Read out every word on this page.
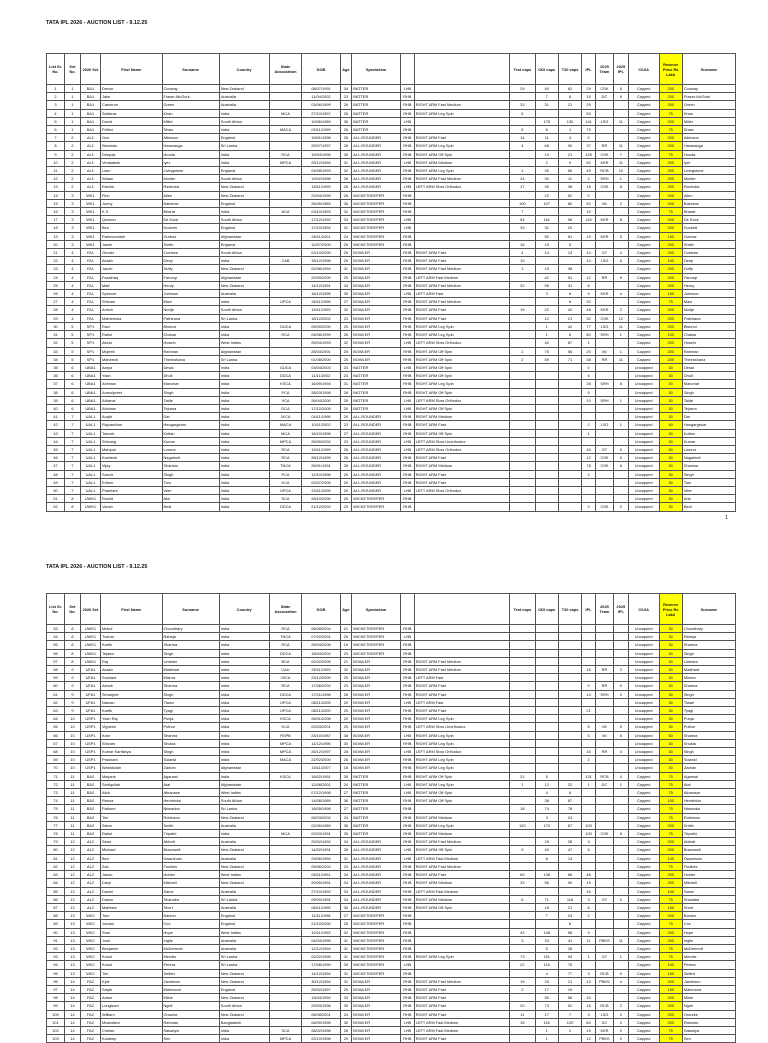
TATA IPL 2026 - AUCTION LIST - 9.12.25
List Sr. No.	Set No.	2026 Set	First Name	Surname	Country	State Association	DOB	Age	Specialism			Test caps	ODI caps	T20 caps	IPL	2025 Team	2025 IPL	C/U/A	Reserve Price Rs Lakh	Surname
1	1	BA1	Devon	Conway	New Zealand		08/07/1991	34	BATTER	LHB		29	40	62	29	CSK	6	Capped	200	Conway
2	1	BA1	Jake	Fraser-McGurk	Australia		11/04/2002	23	BATTER	RHB			7	8	15	DC	6	Capped	200	Fraser-McGurk
3	1	BA1	Cameron	Green	Australia		03/06/1999	26	BATTER	RHB	RIGHT ARM Fast Medium	33	31	21	29			Capped	200	Green
4	1	BA1	Sarfaraz	Khan	India	MCA	27/10/1997	28	BATTER	RHB	RIGHT ARM Leg Spin	6			50			Capped	75	Khan
5	1	BA1	David	Miller	South Africa		10/06/1989	36	BATTER	LHB			178	130	141	LSG	11	Capped	200	Miller
6	1	BA1	Prithvi	Shaw	India	MACA	09/11/1999	26	BATTER	RHB		5	6	1	79			Capped	75	Shaw
7	2	AL1	Gus	Atkinson	England		19/01/1998	28	ALL-ROUNDER	RHB	RIGHT ARM Fast	14	11	4	0			Capped	200	Atkinson
8	2	AL1	Wanindu	Hasaranga	Sri Lanka		29/07/1997	28	ALL-ROUNDER	RHB	RIGHT ARM Leg Spin	4	68	90	37	RR	11	Capped	200	Hasaranga
9	2	AL1	Deepak	Hooda	India	RCA	19/04/1995	30	ALL-ROUNDER	RHB	RIGHT ARM Off Spin		10	21	125	CSK	7	Capped	75	Hooda
10	2	AL1	Venkatesh	Iyer	India	MPCA	25/12/1994	31	ALL-ROUNDER	LHB	RIGHT ARM Medium		2	9	62	KKR	11	Capped	200	Iyer
11	2	AL1	Liam	Livingstone	England		04/08/1993	32	ALL-ROUNDER	RHB	RIGHT ARM Leg Spin	1	39	60	49	RCB	10	Capped	200	Livingstone
12	2	AL1	Wiaan	Mulder	South Africa		19/02/1998	28	ALL-ROUNDER	RHB	RIGHT ARM Fast Medium	24	30	11	2	SRH	1	Capped	200	Mulder
13	2	AL1	Rachin	Ravindra	New Zealand		18/11/1999	26	ALL-ROUNDER	LHB	LEFT ARM Slow Orthodox	17	39	38	18	CSK	8	Capped	200	Ravindra
14	3	WK1	Finn	Allen	New Zealand		22/04/1999	26	WICKETKEEPER	RHB			22	52	0			Capped	200	Allen
15	3	WK1	Jonny	Bairstow	England		26/09/1989	36	WICKETKEEPER	RHB		100	107	80	52	MI	2	Capped	200	Bairstow
16	3	WK1	K.S	Bharat	India	ACA	03/10/1993	32	WICKETKEEPER	RHB		7			10			Capped	75	Bharat
17	3	WK1	Quinton	De Kock	South Africa		17/12/1992	33	WICKETKEEPER	LHB		54	161	96	115	KKR	8	Capped	200	De Kock
18	3	WK1	Ben	Duckett	England		17/10/1994	31	WICKETKEEPER	LHB		39	31	20				Capped	200	Duckett
19	3	WK1	Rahmanullah	Gurbaz	Afghanistan		28/11/2001	24	WICKETKEEPER	RHB			50	81	19	KKR	5	Capped	150	Gurbaz
20	3	WK1	Jamie	Smith	England		12/07/2000	25	WICKETKEEPER	RHB		16	19	5				Capped	200	Smith
21	4	FA1	Gerald	Coetzee	South Africa		02/10/2000	25	BOWLER	RHB	RIGHT ARM Fast	4	14	13	14	GT	4	Capped	200	Coetzee
22	4	FA1	Akash	Deep	India	CAB	15/12/1996	29	BOWLER	RHB	RIGHT ARM Fast	10			14	LSG	6	Capped	100	Deep
23	4	FA1	Jacob	Duffy	New Zealand		02/08/1994	31	BOWLER	RHB	RIGHT ARM Fast Medium	1	19	38				Capped	200	Duffy
24	4	FA1	Fazalhaq	Farooqi	Afghanistan		22/09/2000	25	BOWLER	RHB	LEFT ARM Fast Medium		42	51	12	RR	5	Capped	200	Farooqi
25	4	FA1	Matt	Henry	New Zealand		14/12/1991	34	BOWLER	RHB	RIGHT ARM Fast Medium	32	95	31	6			Capped	200	Henry
26	4	FA1	Spencer	Johnson	Australia		16/12/1995	30	BOWLER	LHB	LEFT ARM Fast		3	8	9	KKR	4	Capped	150	Johnson
27	4	FA1	Shivam	Mavi	India	UPCA	26/11/1998	27	BOWLER	RHB	RIGHT ARM Fast Medium			6	32			Capped	75	Mavi
28	4	FA1	Anrich	Nortje	South Africa		16/11/1993	32	BOWLER	RHB	RIGHT ARM Fast	19	22	42	48	KKR	2	Capped	200	Nortje
29	4	FA1	Matheesha	Pathirana	Sri Lanka		18/12/2002	23	BOWLER	RHB	RIGHT ARM Fast		12	21	32	CSK	12	Capped	200	Pathirana
30	5	SP1	Ravi	Bishnoi	India	GUCA	05/09/2000	25	BOWLER	RHB	RIGHT ARM Leg Spin		1	42	77	LSG	11	Capped	200	Bishnoi
31	5	SP1	Rahul	Chahar	India	RCA	04/08/1999	26	BOWLER	RHB	RIGHT ARM Leg Spin		1	6	80	SRH	1	Capped	100	Chahar
32	5	SP1	Akeal	Hosein	West Indies		25/04/1993	32	BOWLER	LHB	LEFT ARM Slow Orthodox		40	87	1			Capped	200	Hosein
33	5	SP1	Mujeeb	Rahman	Afghanistan		28/03/2001	25	BOWLER	RHB	RIGHT ARM Off Spin	1	75	58	20	MI	1	Capped	200	Rahman
34	5	SP1	Maheesh	Theekshana	Sri Lanka		01/08/2000	25	BOWLER	RHB	RIGHT ARM Off Spin	2	59	71	38	RR	11	Capped	200	Theekshana
35	6	UBA1	Aarya	Desai	India	GUCA	03/04/2003	23	BATTER	LHB	RIGHT ARM Off Spin				0			Uncapped	30	Desai
36	6	UBA1	Yash	Dhull	India	DDCA	11/11/2002	23	BATTER	RHB	RIGHT ARM Off Spin				4			Uncapped	30	Dhull
37	6	UBA1	Abhinav	Manohar	India	KSCA	16/09/1994	31	BATTER	RHB	RIGHT ARM Leg Spin				26	SRH	8	Uncapped	30	Manohar
38	6	UBA1	Anmolpreet	Singh	India	PCA	28/03/1998	28	BATTER	RHB	RIGHT ARM Off Spin				9			Uncapped	30	Singh
39	6	UBA1	Atharva	Taide	India	VCA	26/04/2000	25	BATTER	LHB	LEFT ARM Slow Orthodox				10	SRH	1	Uncapped	30	Taide
40	6	UBA1	Abhinav	Tejrana	India	GCA	17/12/2005	20	BATTER	LHB	RIGHT ARM Off Spin							Uncapped	30	Tejrana
41	7	UAL1	Auqib	Dar	India	JKCA	04/11/1996	29	ALL-ROUNDER	RHB	RIGHT ARM Medium							Uncapped	30	Dar
42	7	UAL1	Rajvardhan	Hangargekar	India	MACA	10/11/2002	23	ALL-ROUNDER	RHB	RIGHT ARM Fast				2	LSG	1	Uncapped	40	Hangargekar
43	7	UAL1	Tanush	Kotian	India	MCA	16/10/1998	27	ALL-ROUNDER	RHB	RIGHT ARM Off Spin				1			Uncapped	30	Kotian
44	7	UAL1	Shivang	Kumar	India	MPCA	26/05/2002	23	ALL-ROUNDER	LHB	LEFT ARM Slow Unorthodox							Uncapped	30	Kumar
45	7	UAL1	Mahipal	Lomror	India	RCA	16/11/1999	26	ALL-ROUNDER	LHB	LEFT ARM Slow Orthodox				40	GT	0	Uncapped	50	Lomror
46	7	UAL1	Kamlesh	Nagarkoti	India	RCA	28/12/1999	26	ALL-ROUNDER	RHB	RIGHT ARM Fast				12	CSK	0	Uncapped	30	Nagarkoti
47	7	UAL1	Vijay	Shankar	India	TNCA	26/01/1991	35	ALL-ROUNDER	RHB	RIGHT ARM Medium				78	CSK	6	Uncapped	30	Shankar
48	7	UAL1	Sanvir	Singh	India	PCA	12/10/1996	29	ALL-ROUNDER	RHB	RIGHT ARM Fast				2			Uncapped	30	Singh
49	7	UAL1	Edhen	Tom	India	KCA	02/07/2005	20	ALL-ROUNDER	RHB	RIGHT ARM Fast							Uncapped	30	Tom
50	7	UAL1	Prashant	Veer	India	UPCA	24/11/2005	20	ALL-ROUNDER	LHB	LEFT ARM Slow Orthodox							Uncapped	30	Veer
51	8	UWK1	Ruchit	Ahir	India	SCA	28/10/2000	25	WICKETKEEPER	RHB								Uncapped	30	Ahir
52	8	UWK1	Vansh	Bedi	India	DDCA	21/12/2002	23	WICKETKEEPER	RHB					0	CSK	0	Uncapped	30	Bedi
1
TATA IPL 2026 - AUCTION LIST - 9.12.25
List Sr. No.	Set No.	2026 Set	First Name	Surname	Country	State Association	DOB	Age	Specialism			Test caps	ODI caps	T20 caps	IPL	2025 Team	2025 IPL	C/U/A	Reserve Price Rs Lakh	Surname
53	8	UWK1	Mukul	Choudhary	India	RCA	06/08/2004	21	WICKETKEEPER	RHB								Uncapped	30	Choudhary
54	8	UWK1	Tushar	Raheja	India	TNCA	07/02/2001	25	WICKETKEEPER	LHB								Uncapped	30	Raheja
55	8	UWK1	Kartik	Sharma	India	RCA	26/04/2006	19	WICKETKEEPER	RHB								Uncapped	30	Sharma
56	8	UWK1	Tejasvi	Singh	India	DDCA	18/04/2002	23	WICKETKEEPER	RHB								Uncapped	30	Singh
57	8	UWK1	Raj	Limbani	India	BCA	02/02/2005	21	BOWLER	RHB	RIGHT ARM Fast Medium							Uncapped	30	Limbani
58	9	UFA1	Akash	Madhwal	India	CAU	25/11/1993	32	BOWLER	RHB	RIGHT ARM Fast Medium				15	RR	3	Uncapped	30	Madhwal
59	9	UFA1	Sushant	Mishra	India	JSCA	23/12/2000	25	BOWLER	RHB	LEFT ARM Fast							Uncapped	30	Mishra
60	9	UFA1	Ashok	Sharma	India	RCA	17/06/2002	23	BOWLER	RHB	RIGHT ARM Fast				0	RR	0	Uncapped	30	Sharma
61	9	UFA1	Simarjeet	Singh	India	DDCA	17/01/1998	28	BOWLER	RHB	RIGHT ARM Fast				14	SRH	4	Uncapped	30	Singh
62	9	UFA1	Naman	Tiwari	India	UPCA	08/11/2005	20	BOWLER	LHB	LEFT ARM Fast							Uncapped	30	Tiwari
63	9	UFA1	Kartik	Tyagi	India	UPCA	08/11/2000	25	BOWLER	RHB	RIGHT ARM Fast				21			Uncapped	30	Tyagi
64	10	USP1	Yash Raj	Punja	India	KSCA	26/01/2006	20	BOWLER	RHB	RIGHT ARM Leg Spin							Uncapped	30	Punja
65	10	USP1	Vignesh	Puthur	India	KCA	02/03/2001	25	BOWLER	RHB	LEFT ARM Slow Unorthodox				5	MI	5	Uncapped	30	Puthur
66	10	USP1	Karn	Sharma	India	RSPB	23/10/1987	38	BOWLER	LHB	RIGHT ARM Leg Spin				5	MI	6	Uncapped	50	Sharma
67	10	USP1	Shivam	Shukla	India	MPCA	11/12/1995	30	BOWLER	RHB	RIGHT ARM Leg Spin							Uncapped	30	Shukla
68	10	USP1	Kumar Kartikeya	Singh	India	MPCA	26/12/1997	28	BOWLER	LHB	LEFT ARM Slow Orthodox				16	RR	4	Uncapped	30	Singh
69	10	USP1	Prashant	Solanki	India	MACA	22/02/2000	26	BOWLER	RHB	RIGHT ARM Leg Spin				2			Uncapped	30	Solanki
70	10	USP1	Wahidullah	Zadran	Afghanistan		15/11/2007	18	BOWLER	RHB	RIGHT ARM Leg Spin							Uncapped	30	Zadran
71	11	BA2	Mayank	Agarwal	India	KSCA	16/02/1991	35	BATTER	RHB	RIGHT ARM Off Spin	21	5		131	RCB	4	Capped	75	Agarwal
72	11	BA2	Sediqullah	Atal	Afghanistan		12/08/2001	24	BATTER	LHB	RIGHT ARM Leg Spin	1	12	22	1	DC	1	Capped	75	Atal
73	11	BA2	Alick	Athanaze	West Indies		07/12/1998	27	BATTER	LHB	RIGHT ARM Off Spin		4	6				Capped	75	Athanaze
74	11	BA2	Reeza	Hendricks	South Africa		14/08/1989	36	BATTER	RHB	RIGHT ARM Off Spin		38	87				Capped	100	Hendricks
75	11	BA2	Pathum	Nissanka	Sri Lanka		18/05/1998	27	BATTER	RHB		18	74	78				Capped	75	Nissanka
76	11	BA2	Tim	Robinson	New Zealand		06/03/2002	24	BATTER	RHB	RIGHT ARM Medium		3	24				Capped	75	Robinson
77	11	BA2	Steve	Smith	Australia		02/06/1989	36	BATTER	RHB	RIGHT ARM Leg Spin	120	170	67	103			Capped	200	Smith
78	11	BA2	Rahul	Tripathi	India	MCA	02/03/1991	35	BATTER	RHB	RIGHT ARM Medium				100	CSK	5	Capped	75	Tripathi
79	12	AL2	Sean	Abbott	Australia		29/02/1992	34	ALL-ROUNDER	RHB	RIGHT ARM Fast Medium		29	28	3			Capped	200	Abbott
80	12	AL2	Michael	Bracewell	New Zealand		14/02/1991	35	ALL-ROUNDER	LHB	RIGHT ARM Off Spin	9	40	47	5			Capped	200	Bracewell
81	12	AL2	Ben	Dwarshuis	Australia		23/06/1994	31	ALL-ROUNDER	LHB	LEFT ARM Fast Medium		6	13				Capped	100	Dwarshuis
82	12	AL2	Zak	Foulkes	New Zealand		05/06/2002	23	ALL-ROUNDER	RHB	RIGHT ARM Fast Medium							Capped	75	Foulkes
83	12	AL2	Jason	Holder	West Indies		05/11/1991	34	ALL-ROUNDER	RHB	RIGHT ARM Fast	69	138	86	46			Capped	200	Holder
84	12	AL2	Daryl	Mitchell	New Zealand		20/05/1991	34	ALL-ROUNDER	RHB	RIGHT ARM Medium	33	56	90	15			Capped	200	Mitchell
85	12	AL2	Daniel	Sams	Australia		27/10/1992	33	ALL-ROUNDER	RHB	LEFT ARM Fast Medium				16			Capped	100	Sams
86	12	AL2	Dasun	Shanaka	Sri Lanka		09/09/1991	34	ALL-ROUNDER	RHB	RIGHT ARM Medium	6	71	118	3	GT	0	Capped	75	Shanaka
87	12	AL2	Matthew	Short	Australia		08/11/1995	30	ALL-ROUNDER	RHB	RIGHT ARM Off Spin		18	21	6			Capped	150	Short
88	13	WK2	Tom	Banton	England		11/11/1998	27	WICKETKEEPER	RHB			7	24	2			Capped	200	Banton
89	13	WK2	Jordan	Cox	England		21/10/2000	25	WICKETKEEPER	RHB				8				Capped	75	Cox
90	13	WK2	Shai	Hope	West Indies		10/11/1993	32	WICKETKEEPER	RHB		43	148	58	9			Capped	200	Hope
91	13	WK2	Josh	Inglis	Australia		04/03/1995	31	WICKETKEEPER	RHB		3	33	41	11	PBKS	11	Capped	200	Inglis
92	13	WK2	Benjamin	McDermott	Australia		12/12/1994	31	WICKETKEEPER	RHB			5	28				Capped	75	McDermott
93	13	WK2	Kusal	Mendis	Sri Lanka		02/02/1995	31	WICKETKEEPER	RHB	RIGHT ARM Leg Spin	73	151	94	1	GT	1	Capped	75	Mendis
94	13	WK2	Kusal	Perera	Sri Lanka		17/08/1990	35	WICKETKEEPER	LHB		22	116	75				Capped	100	Perera
95	13	WK2	Tim	Seifert	New Zealand		14/12/1994	31	WICKETKEEPER	RHB			4	77	3	RCB	0	Capped	150	Seifert
96	14	FA2	Kyle	Jamieson	New Zealand		30/12/1994	31	BOWLER	RHB	RIGHT ARM Fast Medium	19	20	21	13	PBKS	4	Capped	200	Jamieson
97	14	FA2	Saqib	Mahmood	England		25/02/1997	29	BOWLER	RHB	RIGHT ARM Fast	2	17	19				Capped	150	Mahmood
98	14	FA2	Adam	Milne	New Zealand		13/04/1992	33	BOWLER	RHB	RIGHT ARM Fast		50	56	10			Capped	200	Milne
99	14	FA2	Lungisani	Ngidi	South Africa		29/03/1996	30	BOWLER	RHB	RIGHT ARM Fast	20	73	52	16	RCB	2	Capped	200	Ngidi
100	14	FA2	William	Orourke	New Zealand		06/08/2001	24	BOWLER	RHB	RIGHT ARM Fast	11	17	7	3	LSG	3	Capped	200	Orourke
101	14	FA2	Mustafizur	Rahman	Bangladesh		06/09/1995	30	BOWLER	LHB	LEFT ARM Fast Medium	15	116	120	60	DC	3	Capped	200	Rahman
102	14	FA2	Chetan	Sakariya	India	SCA	28/02/1998	28	BOWLER	LHB	LEFT ARM Fast Medium		1	2	19	KKR	0	Capped	75	Sakariya
103	14	FA2	Kuldeep	Sen	India	MPCA	22/10/1996	29	BOWLER	RHB	RIGHT ARM Fast		1		12	PBKS	0	Capped	75	Sen
